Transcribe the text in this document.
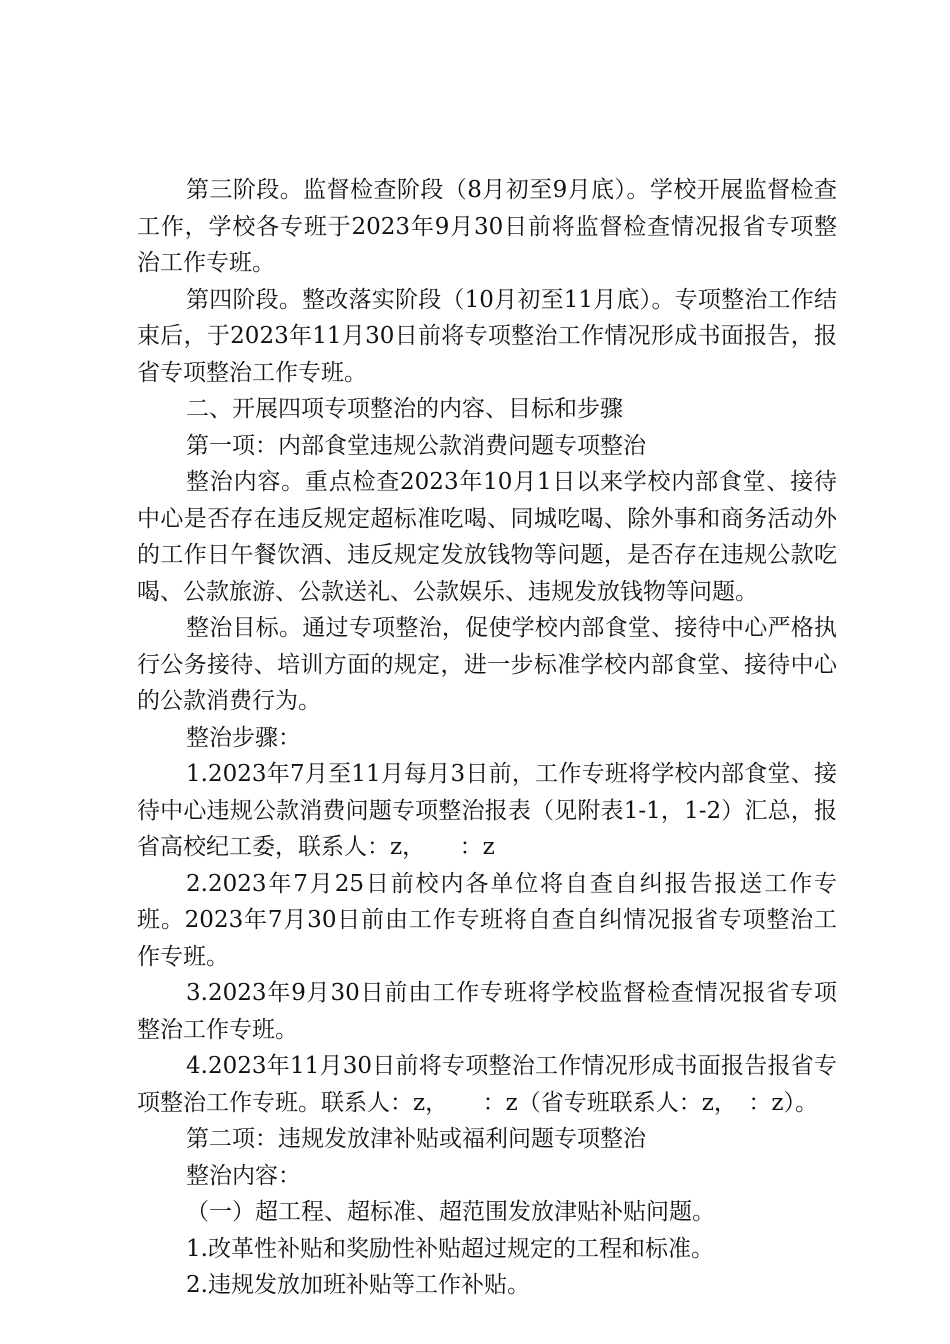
第三阶段。监督检查阶段（8月初至9月底）。学校开展监督检查工作，学校各专班于2023年9月30日前将监督检查情况报省专项整治工作专班。

第四阶段。整改落实阶段（10月初至11月底）。专项整治工作结束后，于2023年11月30日前将专项整治工作情况形成书面报告，报省专项整治工作专班。

二、开展四项专项整治的内容、目标和步骤

第一项：内部食堂违规公款消费问题专项整治

整治内容。重点检查2023年10月1日以来学校内部食堂、接待中心是否存在违反规定超标准吃喝、同城吃喝、除外事和商务活动外的工作日午餐饮酒、违反规定发放钱物等问题，是否存在违规公款吃喝、公款旅游、公款送礼、公款娱乐、违规发放钱物等问题。

整治目标。通过专项整治，促使学校内部食堂、接待中心严格执行公务接待、培训方面的规定，进一步标准学校内部食堂、接待中心的公款消费行为。

整治步骤：

1.2023年7月至11月每月3日前，工作专班将学校内部食堂、接待中心违规公款消费问题专项整治报表（见附表1-1，1-2）汇总，报省高校纪工委，联系人：z，　　：z

2.2023年7月25日前校内各单位将自查自纠报告报送工作专班。2023年7月30日前由工作专班将自查自纠情况报省专项整治工作专班。

3.2023年9月30日前由工作专班将学校监督检查情况报省专项整治工作专班。

4.2023年11月30日前将专项整治工作情况形成书面报告报省专项整治工作专班。联系人：z，　　：z（省专班联系人：z，　：z）。

第二项：违规发放津补贴或福利问题专项整治

整治内容：

（一）超工程、超标准、超范围发放津贴补贴问题。

1.改革性补贴和奖励性补贴超过规定的工程和标准。

2.违规发放加班补贴等工作补贴。
